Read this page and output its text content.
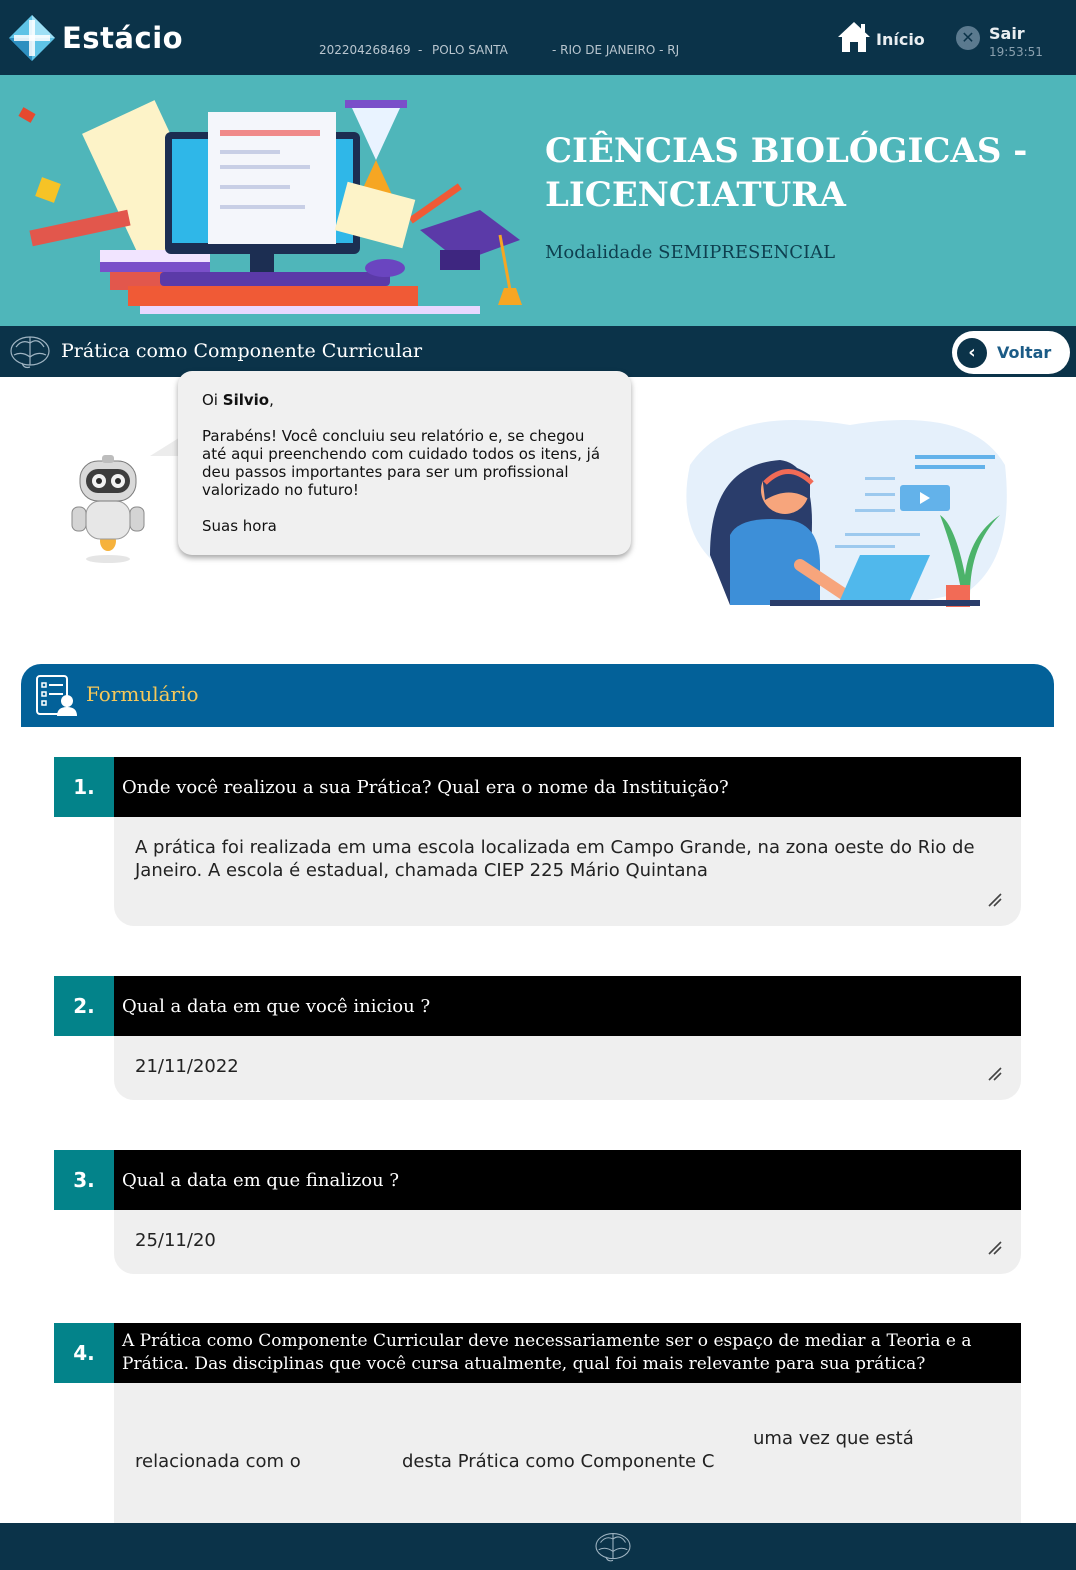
Estácio	202204268469 - POLO SANTA	- RIO DE JANEIRO - RJ
Início	✕ Sair
19:53:51
CIÊNCIAS BIOLÓGICAS - LICENCIATURA
Modalidade SEMIPRESENCIAL
Prática como Componente Curricular	‹	Voltar

Oi Silvio,

Parabéns! Você concluiu seu relatório e, se chegou até aqui preenchendo com cuidado todos os itens, já deu passos importantes para ser um profissional valorizado no futuro!

Suas hora

Formulário
1.	Onde você realizou a sua Prática? Qual era o nome da Instituição?
A prática foi realizada em uma escola localizada em Campo Grande, na zona oeste do Rio de Janeiro. A escola é estadual, chamada CIEP 225 Mário Quintana
2.	Qual a data em que você iniciou ?
21/11/2022
3.	Qual a data em que finalizou ?
25/11/20
4.	A Prática como Componente Curricular deve necessariamente ser o espaço de mediar a Teoria e a Prática. Das disciplinas que você cursa atualmente, qual foi mais relevante para sua prática?
uma vez que está
relacionada com o	desta Prática como Componente C
